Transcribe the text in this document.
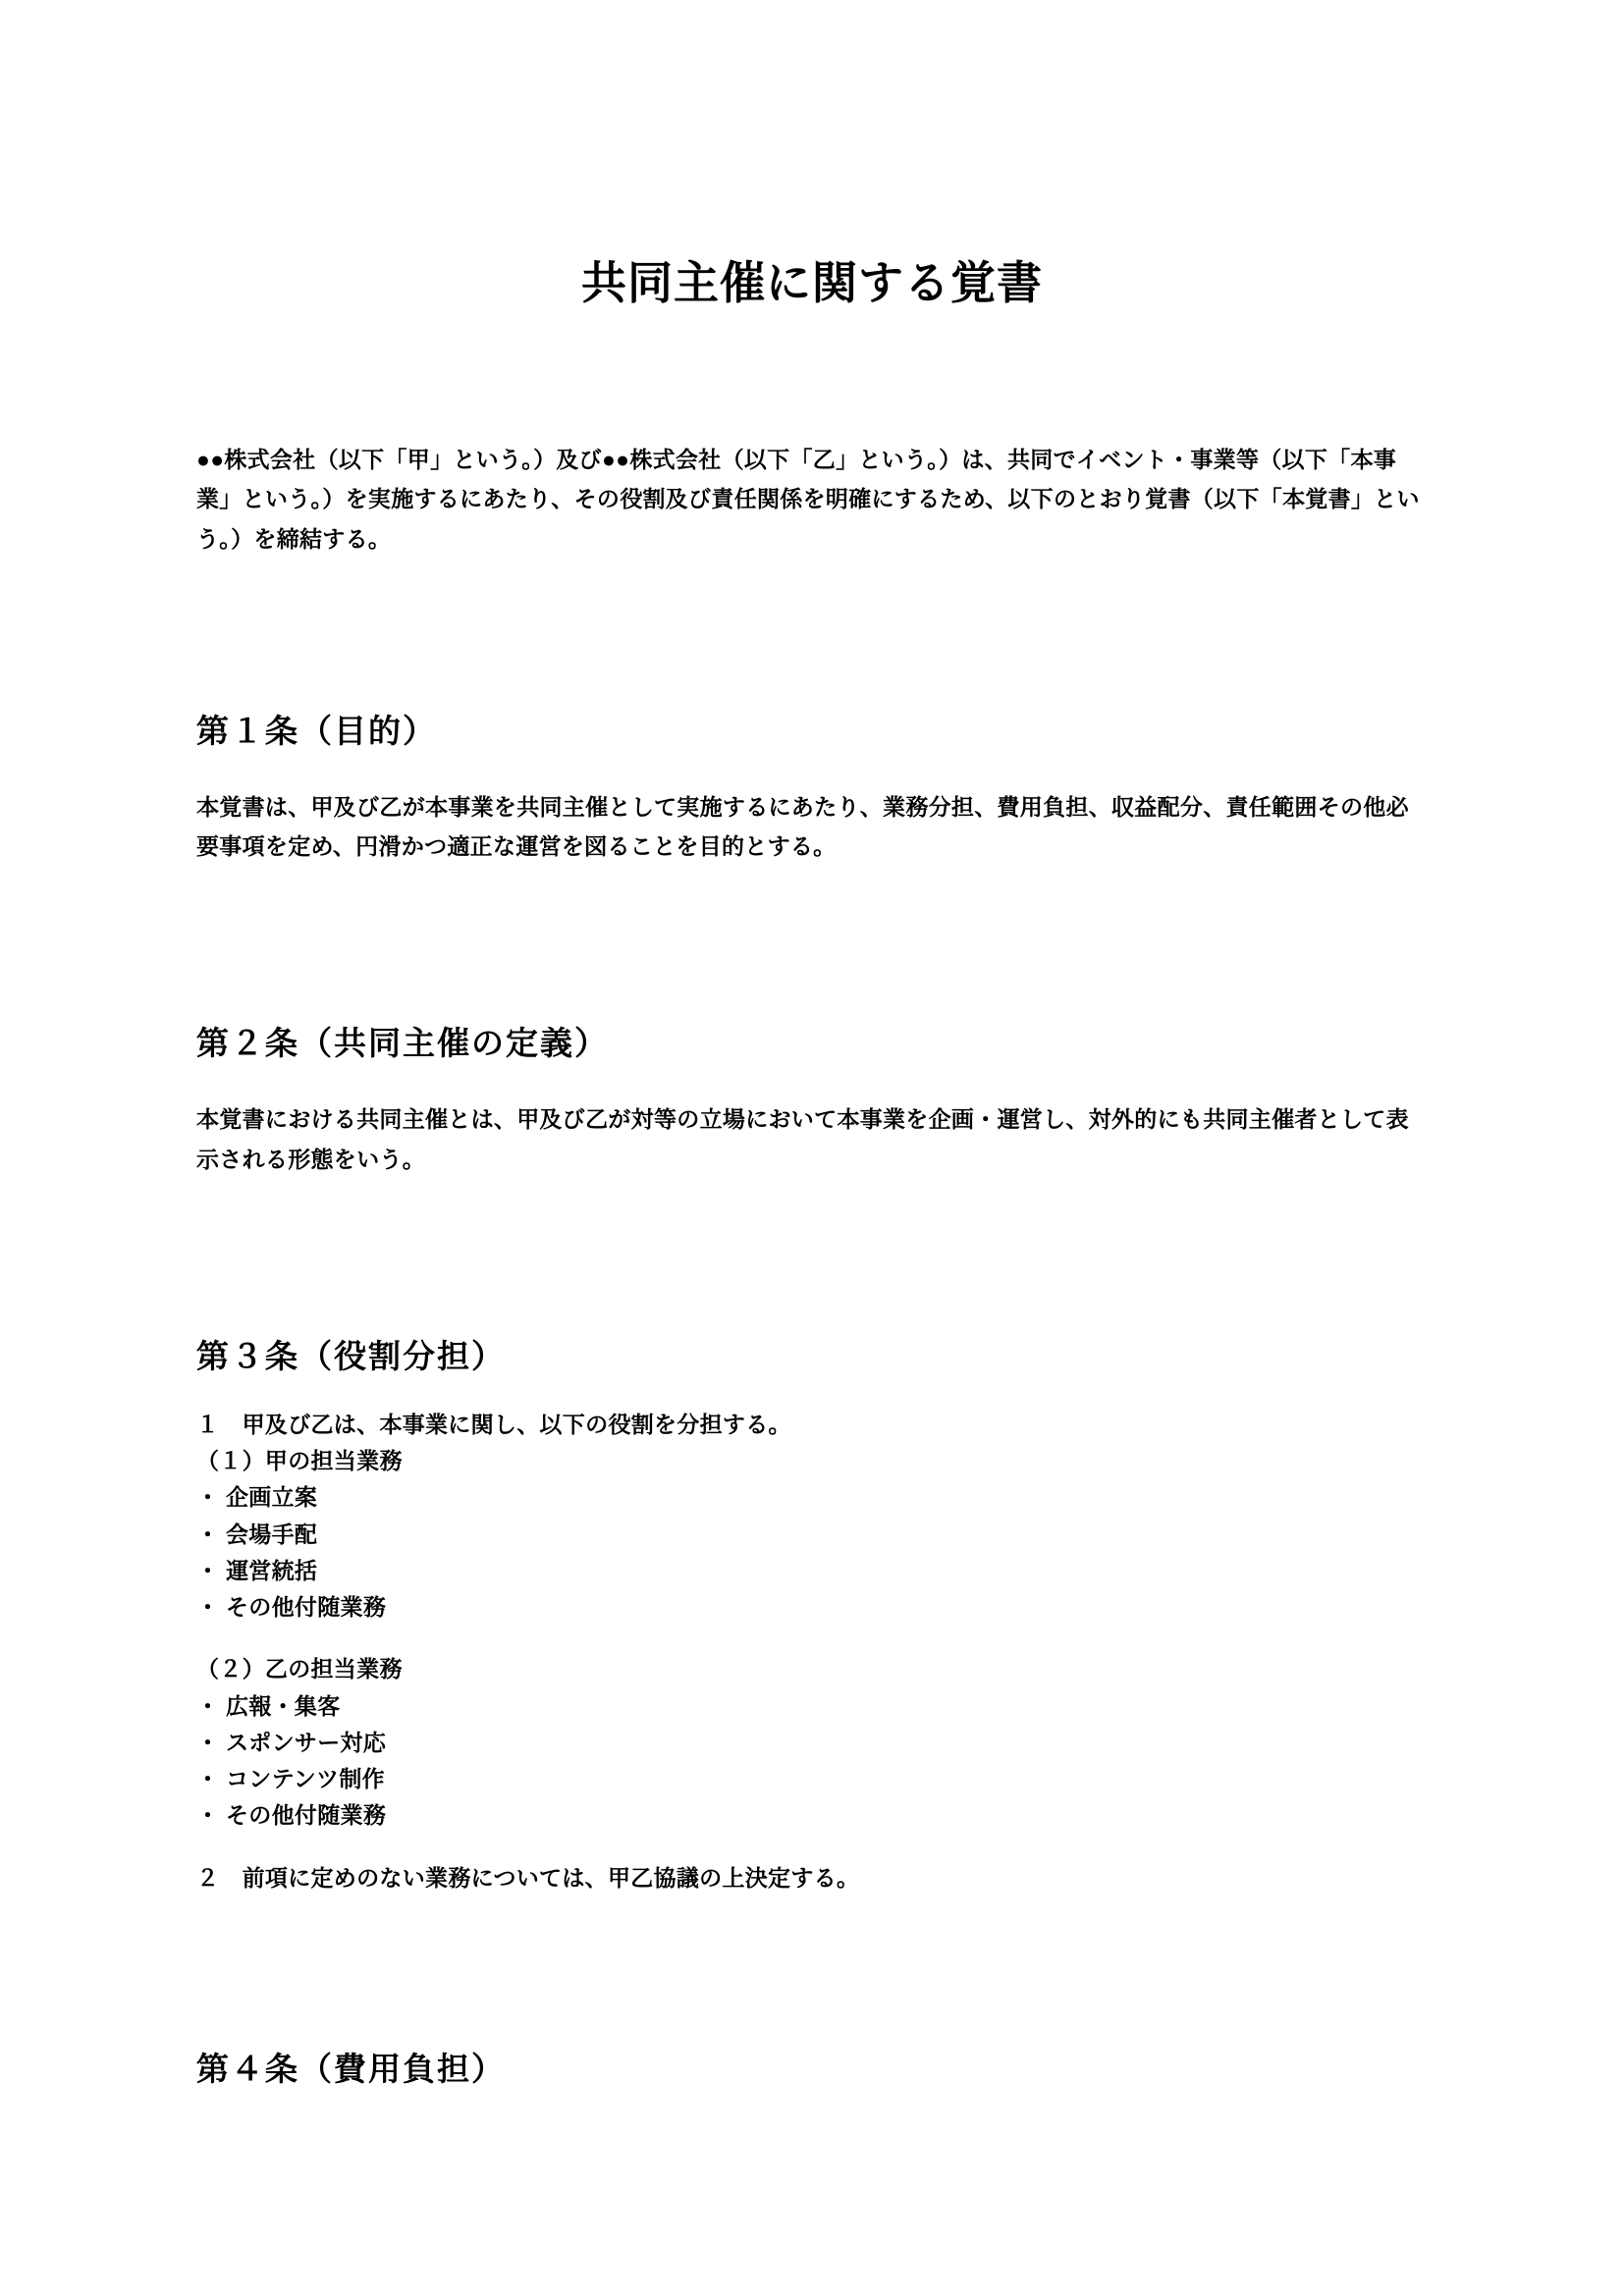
共同主催に関する覚書

●●株式会社（以下「甲」という。）及び●●株式会社（以下「乙」という。）は、共同でイベント・事業等（以下「本事業」という。）を実施するにあたり、その役割及び責任関係を明確にするため、以下のとおり覚書（以下「本覚書」という。）を締結する。

第１条（目的）

本覚書は、甲及び乙が本事業を共同主催として実施するにあたり、業務分担、費用負担、収益配分、責任範囲その他必要事項を定め、円滑かつ適正な運営を図ることを目的とする。

第２条（共同主催の定義）

本覚書における共同主催とは、甲及び乙が対等の立場において本事業を企画・運営し、対外的にも共同主催者として表示される形態をいう。

第３条（役割分担）
１　甲及び乙は、本事業に関し、以下の役割を分担する。
（１）甲の担当業務
・ 企画立案
・ 会場手配
・ 運営統括
・ その他付随業務
（２）乙の担当業務
・ 広報・集客
・ スポンサー対応
・ コンテンツ制作
・ その他付随業務
２　前項に定めのない業務については、甲乙協議の上決定する。
第４条（費用負担）
